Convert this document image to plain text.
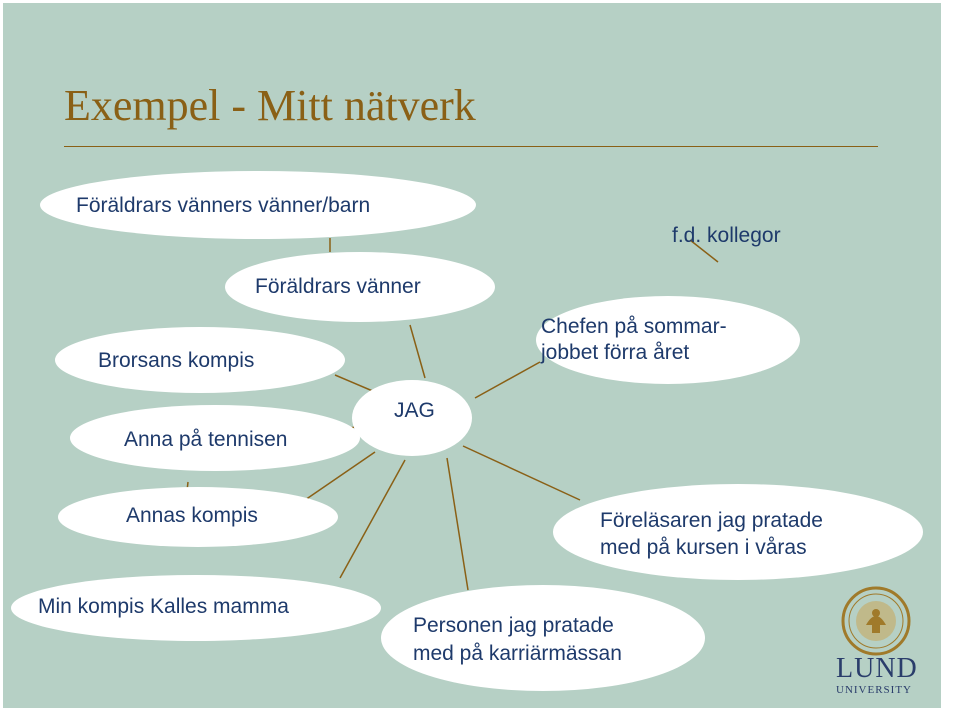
Exempel - Mitt nätverk
Föräldrars vänners vänner/barn
Föräldrars vänner
Brorsans kompis
Chefen på sommar-
jobbet förra året
JAG
Anna på tennisen
Annas kompis	Föreläsaren jag pratade
med på kursen i våras
Min kompis Kalles mamma
Personen jag pratade
med på karriärmässan
f.d. kollegor
LUND
UNIVERSITY
